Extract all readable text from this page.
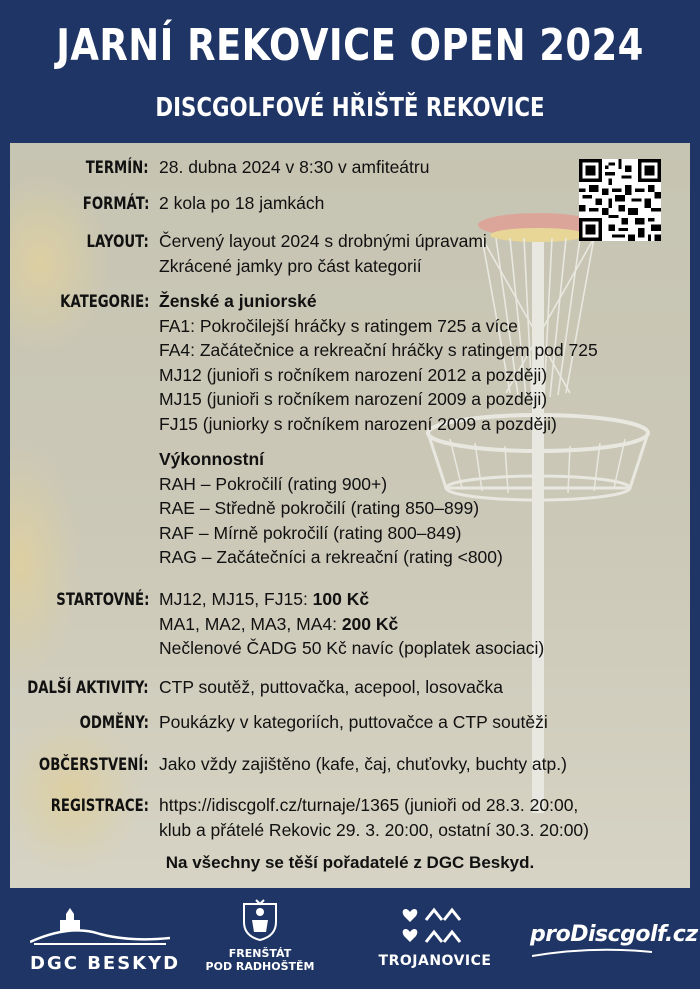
JARNÍ REKOVICE OPEN 2024
DISCGOLFOVÉ HŘIŠTĚ REKOVICE
TERMÍN: 28. dubna 2024 v 8:30 v amfiteátru
FORMÁT: 2 kola po 18 jamkách
LAYOUT: Červený layout 2024 s drobnými úpravami
Zkrácené jamky pro část kategorií
KATEGORIE: Ženské a juniorské
FA1: Pokročilejší hráčky s ratingem 725 a více
FA4: Začátečnice a rekreační hráčky s ratingem pod 725
MJ12 (junioři s ročníkem narození 2012 a později)
MJ15 (junioři s ročníkem narození 2009 a později)
FJ15 (juniorky s ročníkem narození 2009 a později)
Výkonnostní
RAH – Pokročilí (rating 900+)
RAE – Středně pokročilí (rating 850–899)
RAF – Mírně pokročilí (rating 800–849)
RAG – Začátečníci a rekreační (rating <800)
STARTOVNÉ: MJ12, MJ15, FJ15: 100 Kč
MA1, MA2, MA3, MA4: 200 Kč
Nečlenové ČADG 50 Kč navíc (poplatek asociaci)
DALŠÍ AKTIVITY: CTP soutěž, puttovačka, acepool, losovačka
ODMĚNY: Poukázky v kategoriích, puttovačce a CTP soutěži
OBČERSTVENÍ: Jako vždy zajištěno (kafe, čaj, chuťovky, buchty atp.)
REGISTRACE: https://idiscgolf.cz/turnaje/1365 (junioři od 28.3. 20:00,
klub a přátelé Rekovic 29. 3. 20:00, ostatní 30.3. 20:00)
Na všechny se těší pořadatelé z DGC Beskyd.
DGC BESKYD	FRENŠTÁT
POD RADHOŠTĚM	TROJANOVICE
proDiscgolf.cz
